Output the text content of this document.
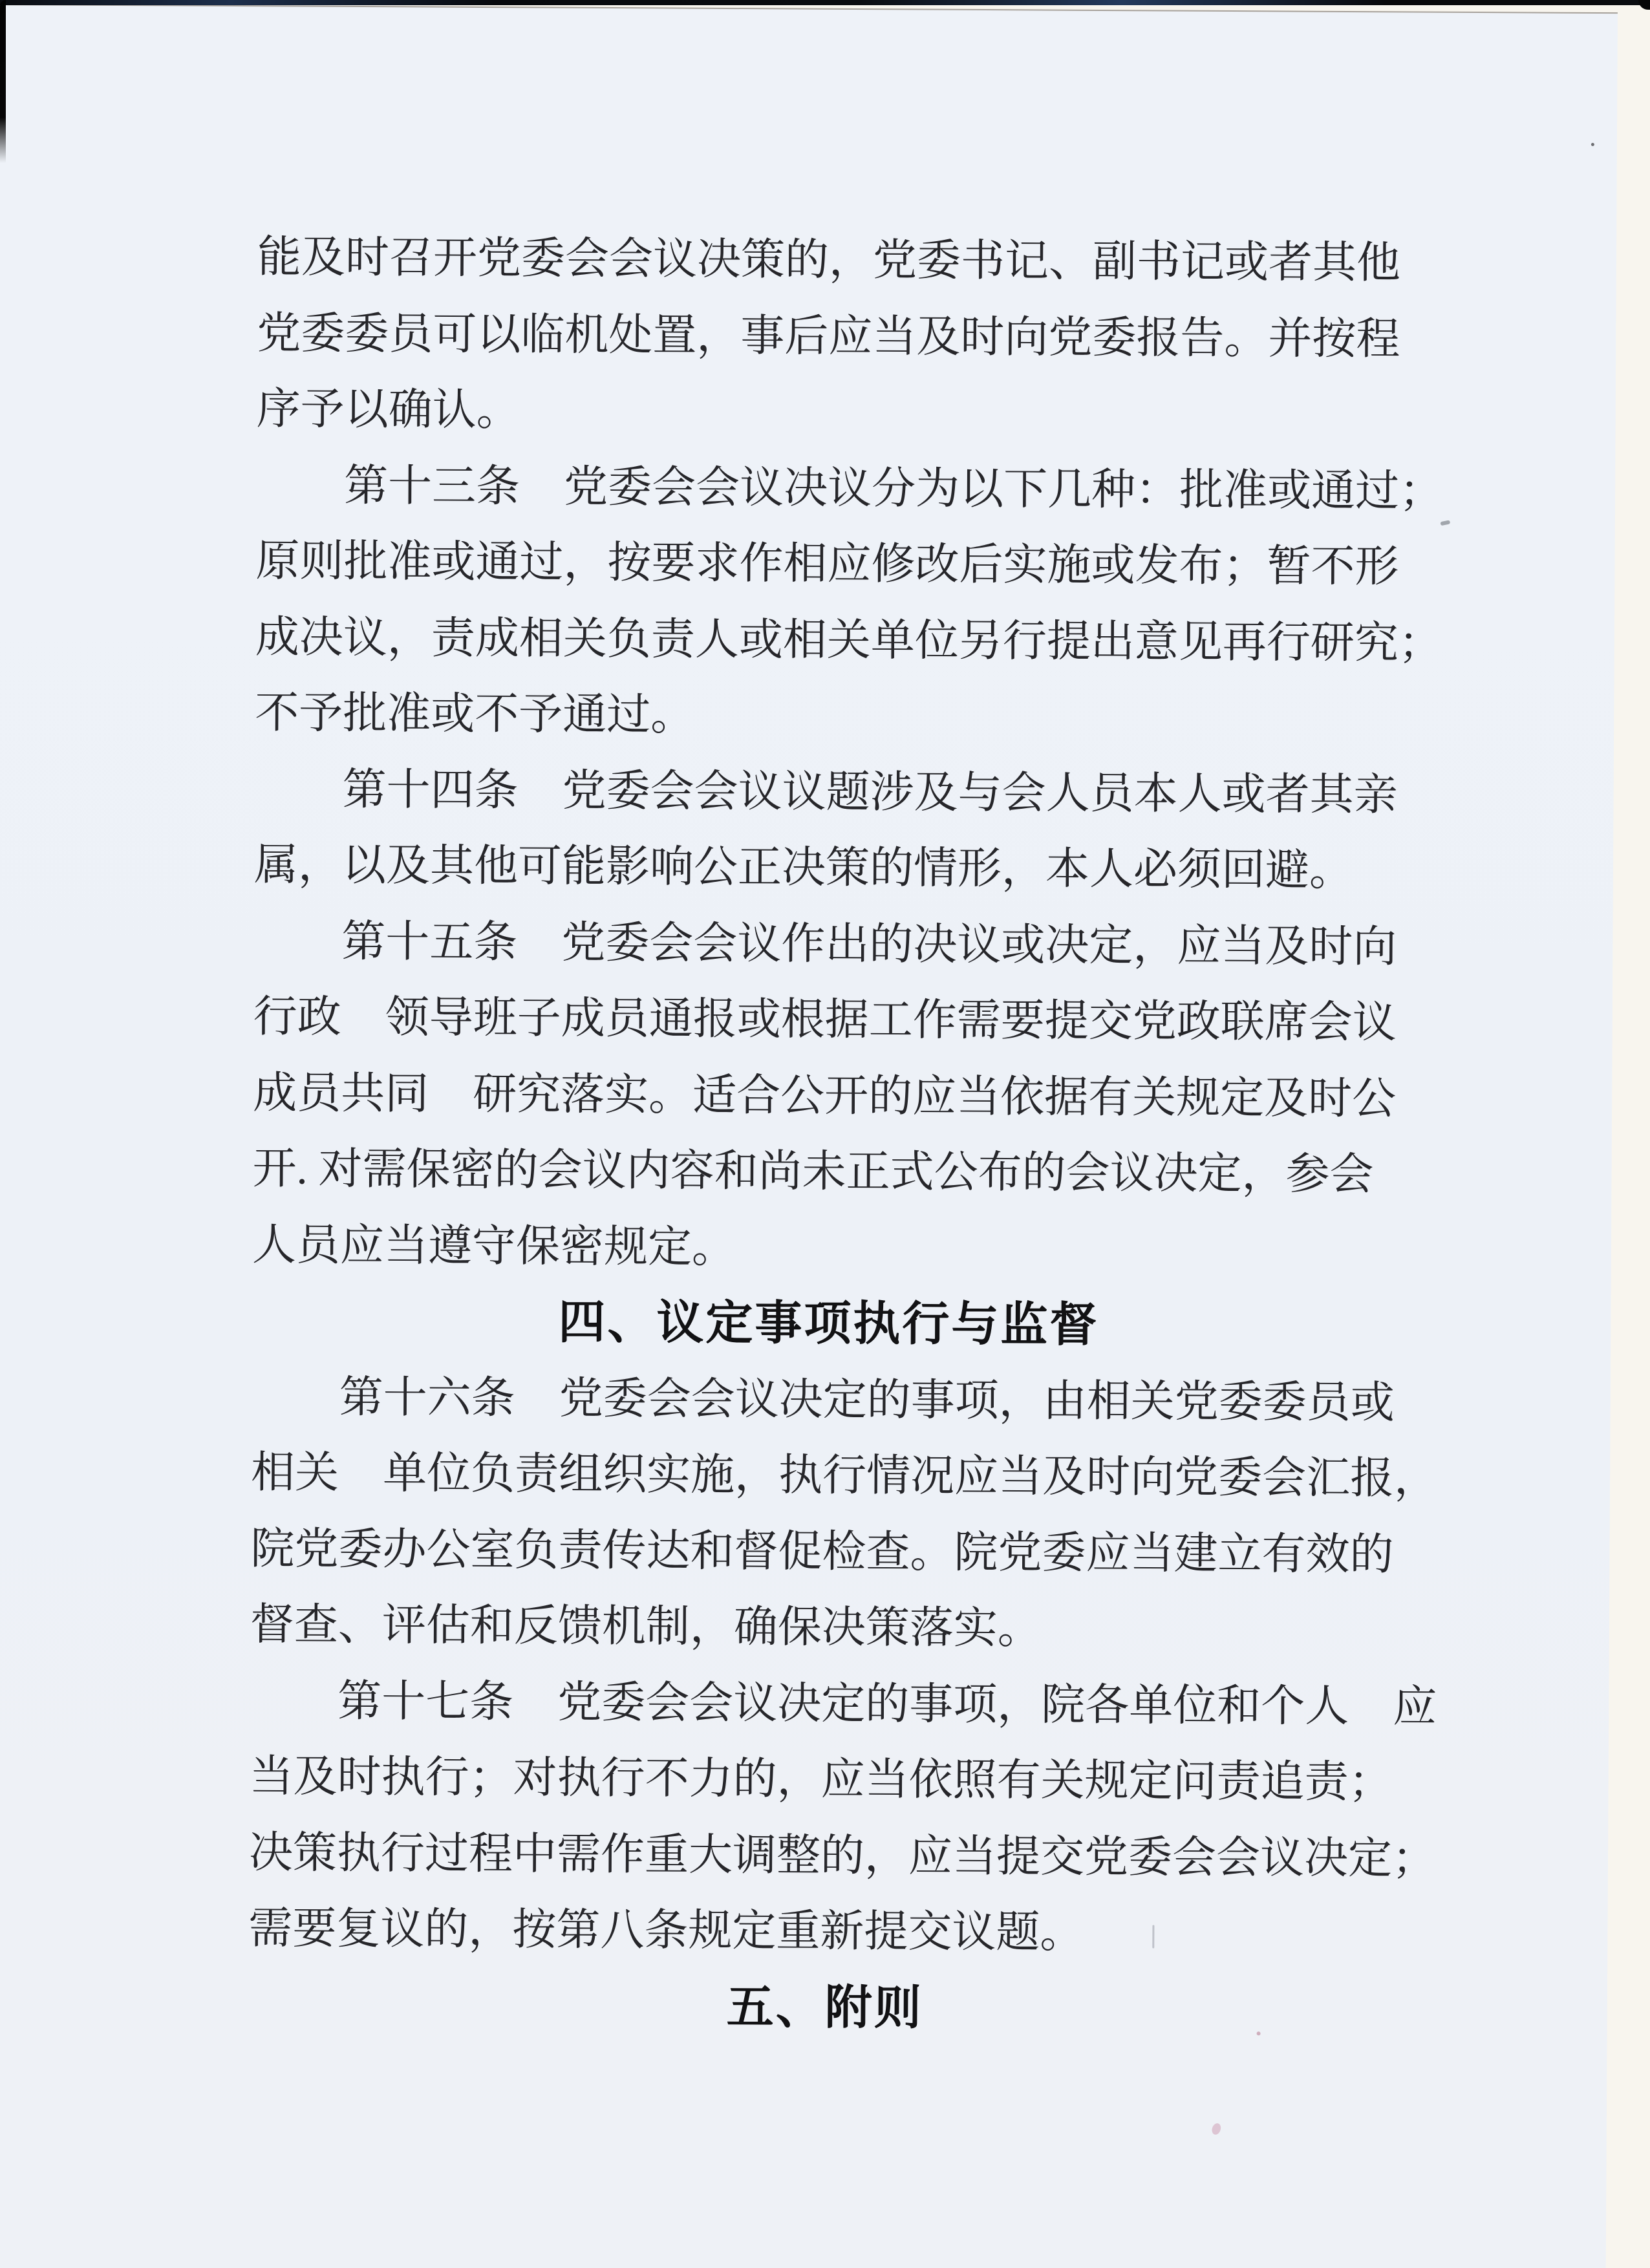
能及时召开党委会会议决策的，党委书记、副书记或者其他
党委委员可以临机处置，事后应当及时向党委报告。并按程
序予以确认。
第十三条　党委会会议决议分为以下几种：批准或通过；
原则批准或通过，按要求作相应修改后实施或发布；暂不形
成决议，责成相关负责人或相关单位另行提出意见再行研究；
不予批准或不予通过。
第十四条　党委会会议议题涉及与会人员本人或者其亲
属，以及其他可能影响公正决策的情形，本人必须回避。
第十五条　党委会会议作出的决议或决定，应当及时向
行政　领导班子成员通报或根据工作需要提交党政联席会议
成员共同　研究落实。适合公开的应当依据有关规定及时公
开. 对需保密的会议内容和尚未正式公布的会议决定，参会
人员应当遵守保密规定。
四、议定事项执行与监督
第十六条　党委会会议决定的事项，由相关党委委员或
相关　单位负责组织实施，执行情况应当及时向党委会汇报，
院党委办公室负责传达和督促检查。院党委应当建立有效的
督查、评估和反馈机制，确保决策落实。
第十七条　党委会会议决定的事项，院各单位和个人　应
当及时执行；对执行不力的，应当依照有关规定问责追责；
决策执行过程中需作重大调整的，应当提交党委会会议决定；
需要复议的，按第八条规定重新提交议题。
五、附则
